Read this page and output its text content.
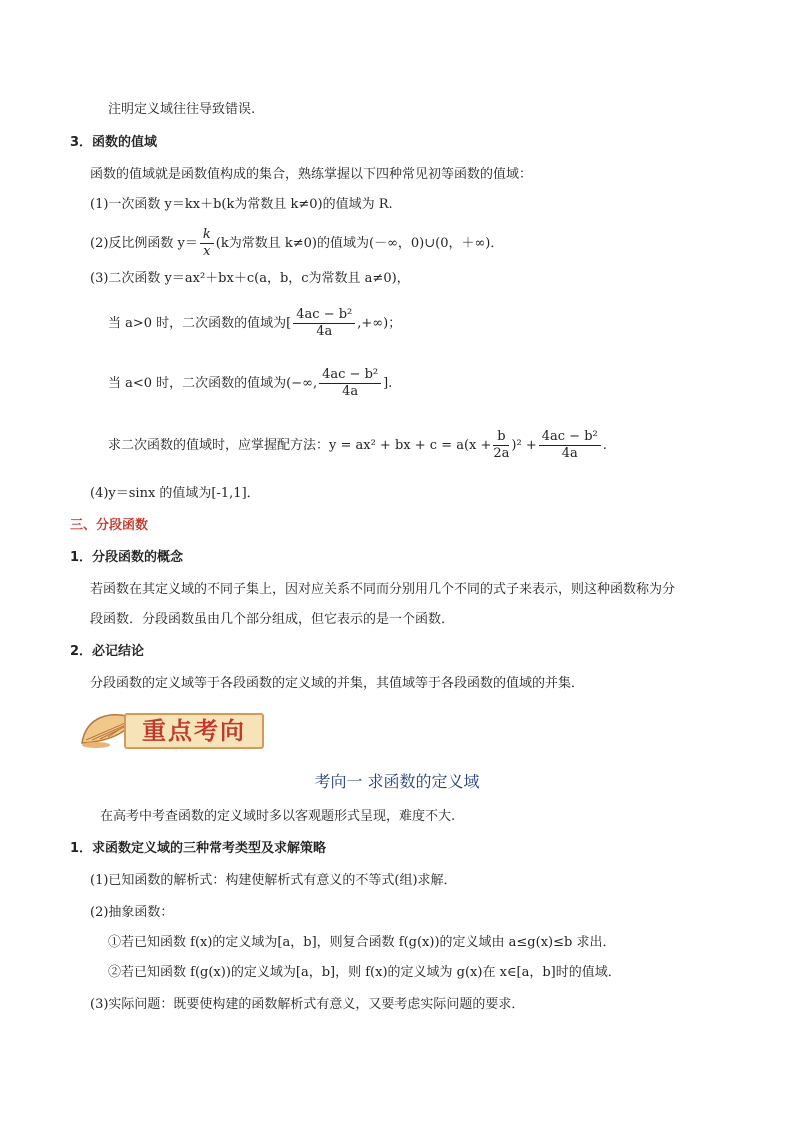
注明定义域往往导致错误.
3．函数的值域
函数的值域就是函数值构成的集合，熟练掌握以下四种常见初等函数的值域：
(1)一次函数 y＝kx＋b(k为常数且 k≠0)的值域为 R.
(2)反比例函数 $y= \frac{k}{x} (k$为常数且 k≠0)的值域为(－∞，0)∪(0，＋∞)．
(3)二次函数 y＝ax²＋bx＋c(a，b，c为常数且 a≠0)，
当 a>0 时，二次函数的值域为[ $\frac{\text{4ac − b²}}{4a}$ ,+∞)；
当 a<0 时，二次函数的值域为(−∞, $\frac{\text{4ac − b²}}{4a}$ ].
求二次函数的值域时，应掌握配方法：y = ax² + bx + $c = a(x + \frac{b}{2a} )^2 + \frac{\text{4ac − b²}}{4a}$ .
(4)y＝sinx 的值域为[-1,1]．
三、分段函数
1．分段函数的概念
若函数在其定义域的不同子集上，因对应关系不同而分别用几个不同的式子来表示，则这种函数称为分
段函数．分段函数虽由几个部分组成，但它表示的是一个函数．
2．必记结论
分段函数的定义域等于各段函数的定义域的并集，其值域等于各段函数的值域的并集．
重点考向
考向一 求函数的定义域
在高考中考查函数的定义域时多以客观题形式呈现，难度不大.
1．求函数定义域的三种常考类型及求解策略
(1)已知函数的解析式：构建使解析式有意义的不等式(组)求解．
(2)抽象函数：
①若已知函数 f(x)的定义域为[a，b]，则复合函数 f(g(x))的定义域由 a≤g(x)≤b 求出．
②若已知函数 f(g(x))的定义域为[a，b]，则 f(x)的定义域为 g(x)在 x∈[a，b]时的值域．
(3)实际问题：既要使构建的函数解析式有意义，又要考虑实际问题的要求．
